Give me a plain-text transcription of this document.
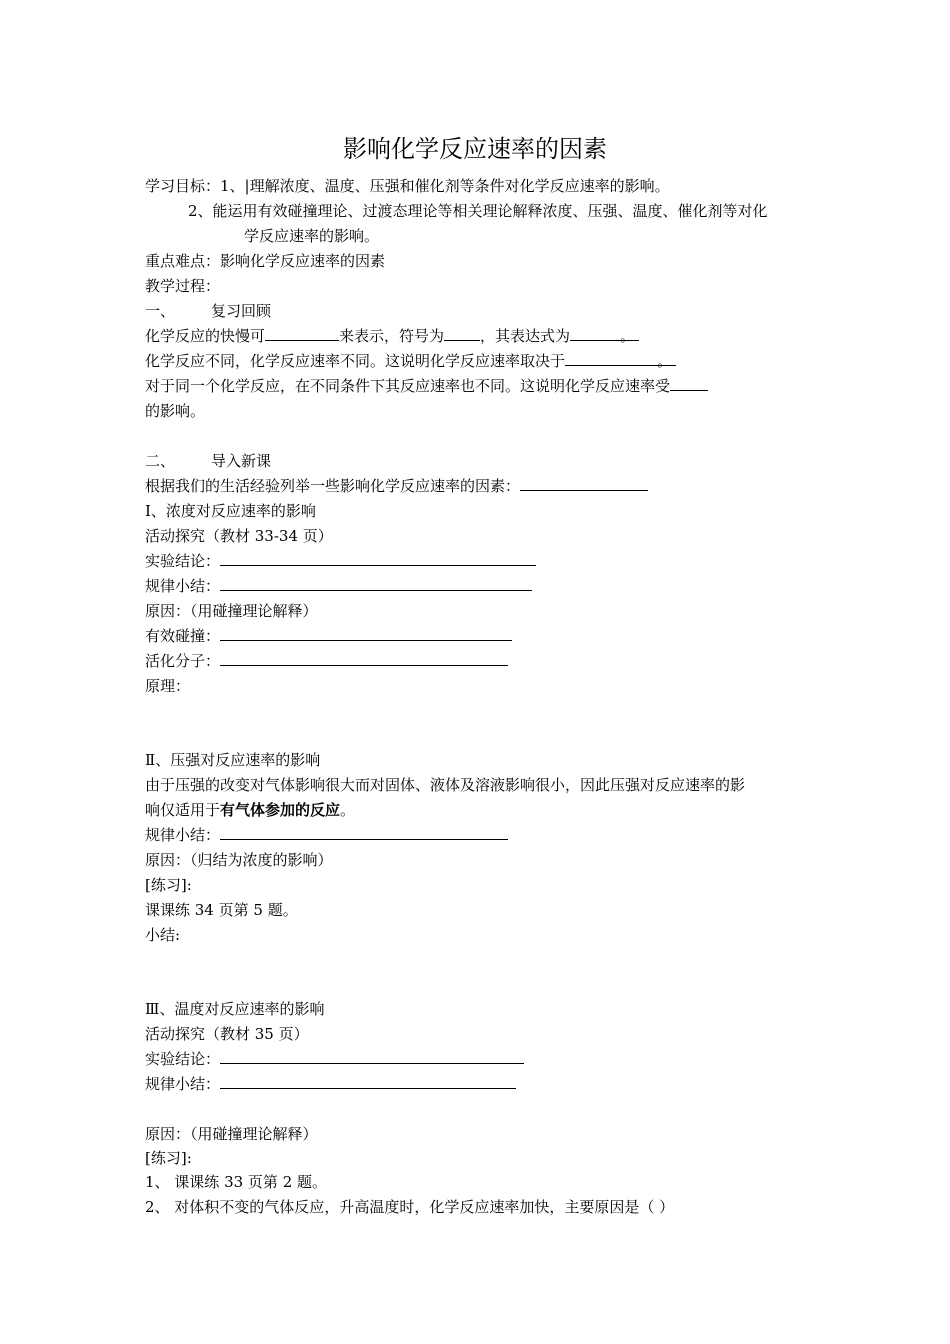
影响化学反应速率的因素
学习目标：1、|理解浓度、温度、压强和催化剂等条件对化学反应速率的影响。
2、能运用有效碰撞理论、过渡态理论等相关理论解释浓度、压强、温度、催化剂等对化
学反应速率的影响。
重点难点：影响化学反应速率的因素
教学过程：
一、 复习回顾
化学反应的快慢可	来表示，符号为 ，其表达式为	。
化学反应不同，化学反应速率不同。这说明化学反应速率取决于	。
对于同一个化学反应，在不同条件下其反应速率也不同。这说明化学反应速率受
的影响。
二、 导入新课
根据我们的生活经验列举一些影响化学反应速率的因素：
Ⅰ、浓度对反应速率的影响
活动探究（教材 33-34 页）
实验结论：
规律小结：
原因：（用碰撞理论解释）
有效碰撞：
活化分子：
原理：
Ⅱ、压强对反应速率的影响
由于压强的改变对气体影响很大而对固体、液体及溶液影响很小，因此压强对反应速率的影
响仅适用于有气体参加的反应。
规律小结：
原因：（归结为浓度的影响）
[练习]:
课课练 34 页第 5 题。
小结:
Ⅲ、温度对反应速率的影响
活动探究（教材 35 页）
实验结论：
规律小结：
原因：（用碰撞理论解释）
[练习]:
1、 课课练 33 页第 2 题。
2、 对体积不变的气体反应，升高温度时，化学反应速率加快，主要原因是（ ）
